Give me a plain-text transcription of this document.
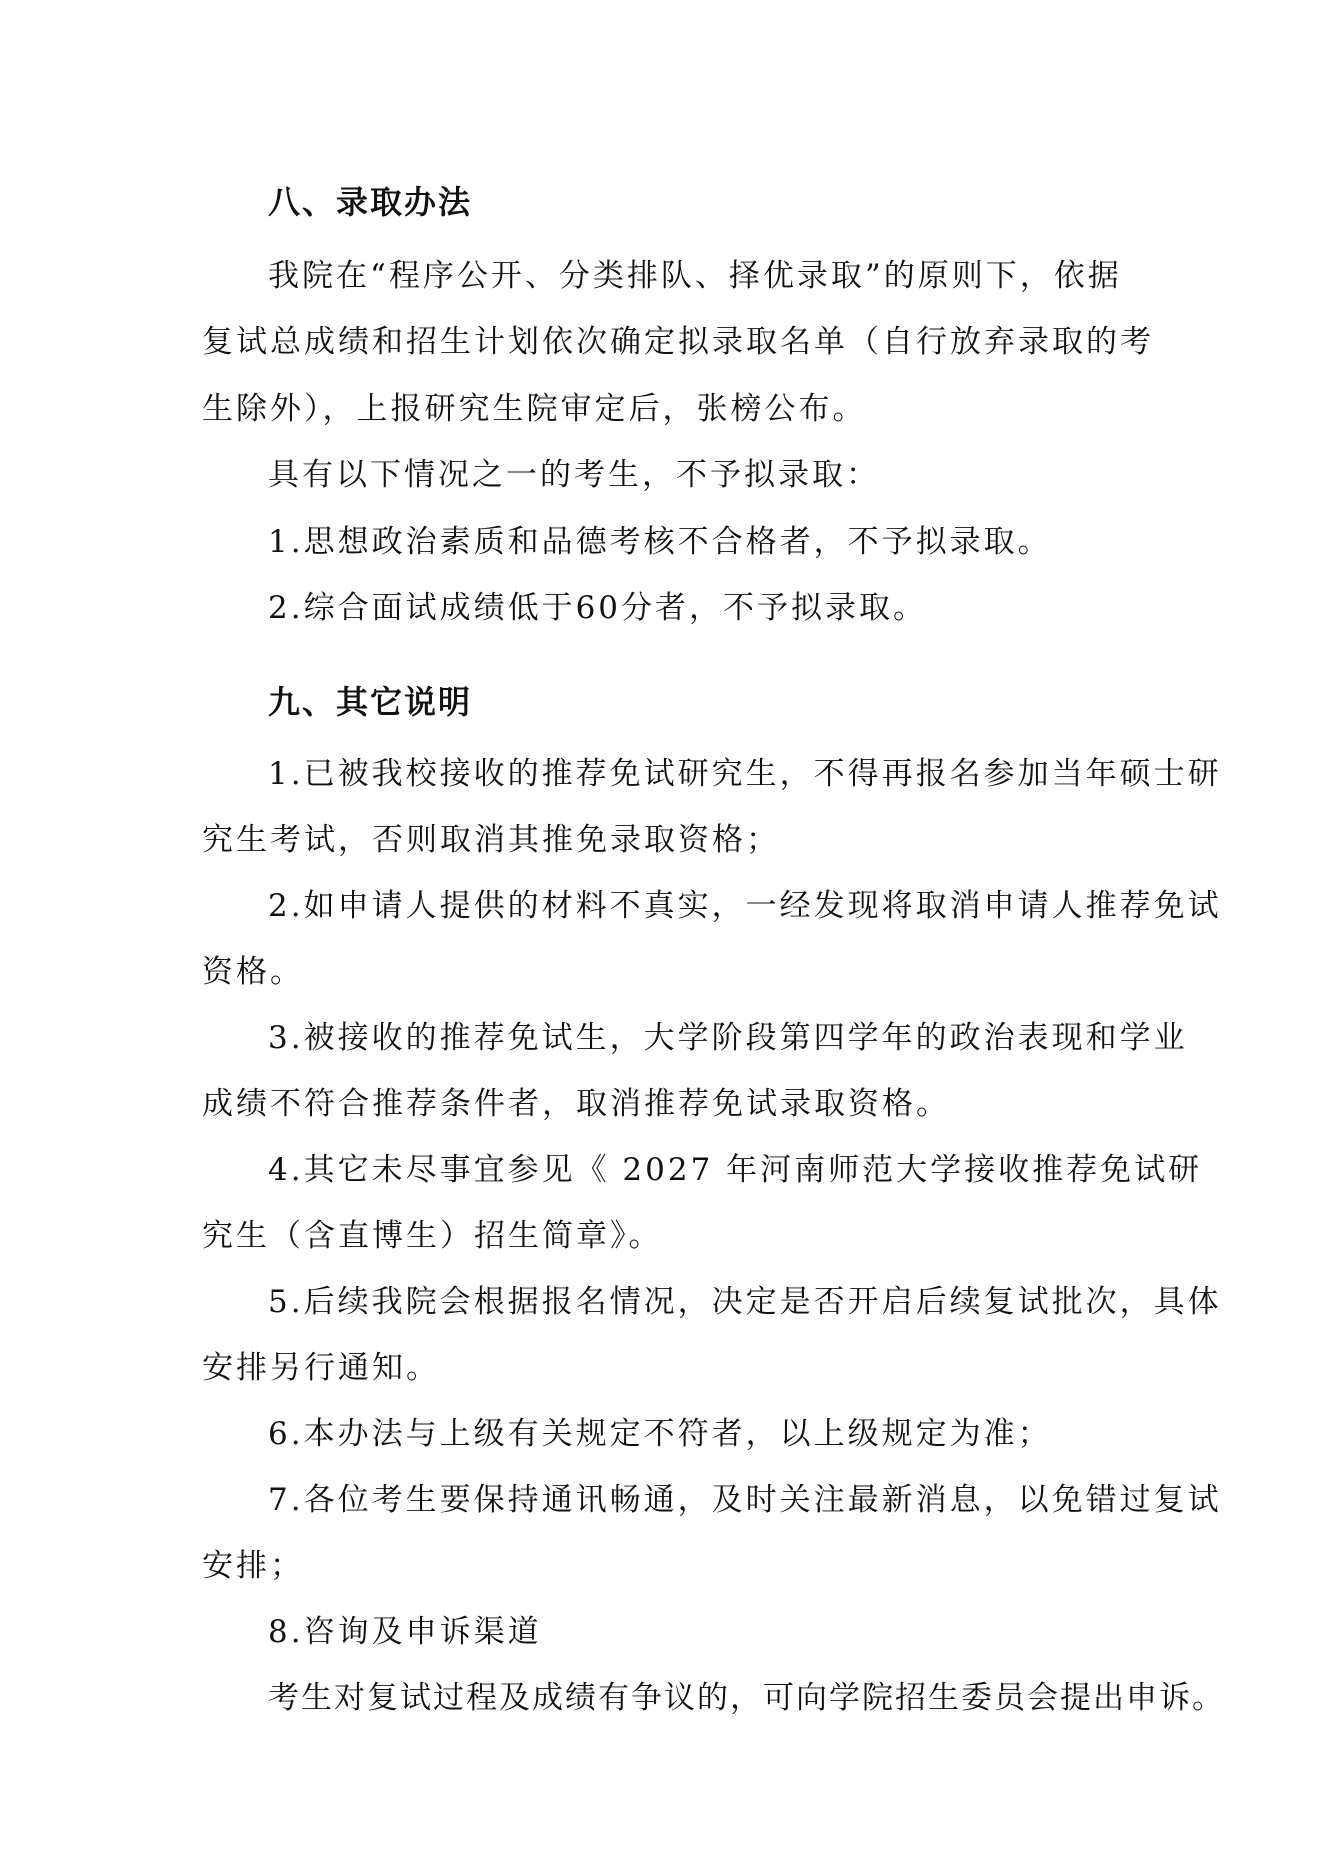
八、录取办法
我院在“程序公开、分类排队、择优录取”的原则下，依据
复试总成绩和招生计划依次确定拟录取名单（自行放弃录取的考
生除外），上报研究生院审定后，张榜公布。
具有以下情况之一的考生，不予拟录取：
1.思想政治素质和品德考核不合格者，不予拟录取。
2.综合面试成绩低于60分者，不予拟录取。
九、其它说明
1.已被我校接收的推荐免试研究生，不得再报名参加当年硕士研
究生考试，否则取消其推免录取资格；
2.如申请人提供的材料不真实，一经发现将取消申请人推荐免试
资格。
3.被接收的推荐免试生，大学阶段第四学年的政治表现和学业
成绩不符合推荐条件者，取消推荐免试录取资格。
4.其它未尽事宜参见《 2027 年河南师范大学接收推荐免试研
究生（含直博生）招生简章》。
5.后续我院会根据报名情况，决定是否开启后续复试批次，具体
安排另行通知。
6.本办法与上级有关规定不符者，以上级规定为准；
7.各位考生要保持通讯畅通，及时关注最新消息，以免错过复试
安排；
8.咨询及申诉渠道
考生对复试过程及成绩有争议的，可向学院招生委员会提出申诉。
